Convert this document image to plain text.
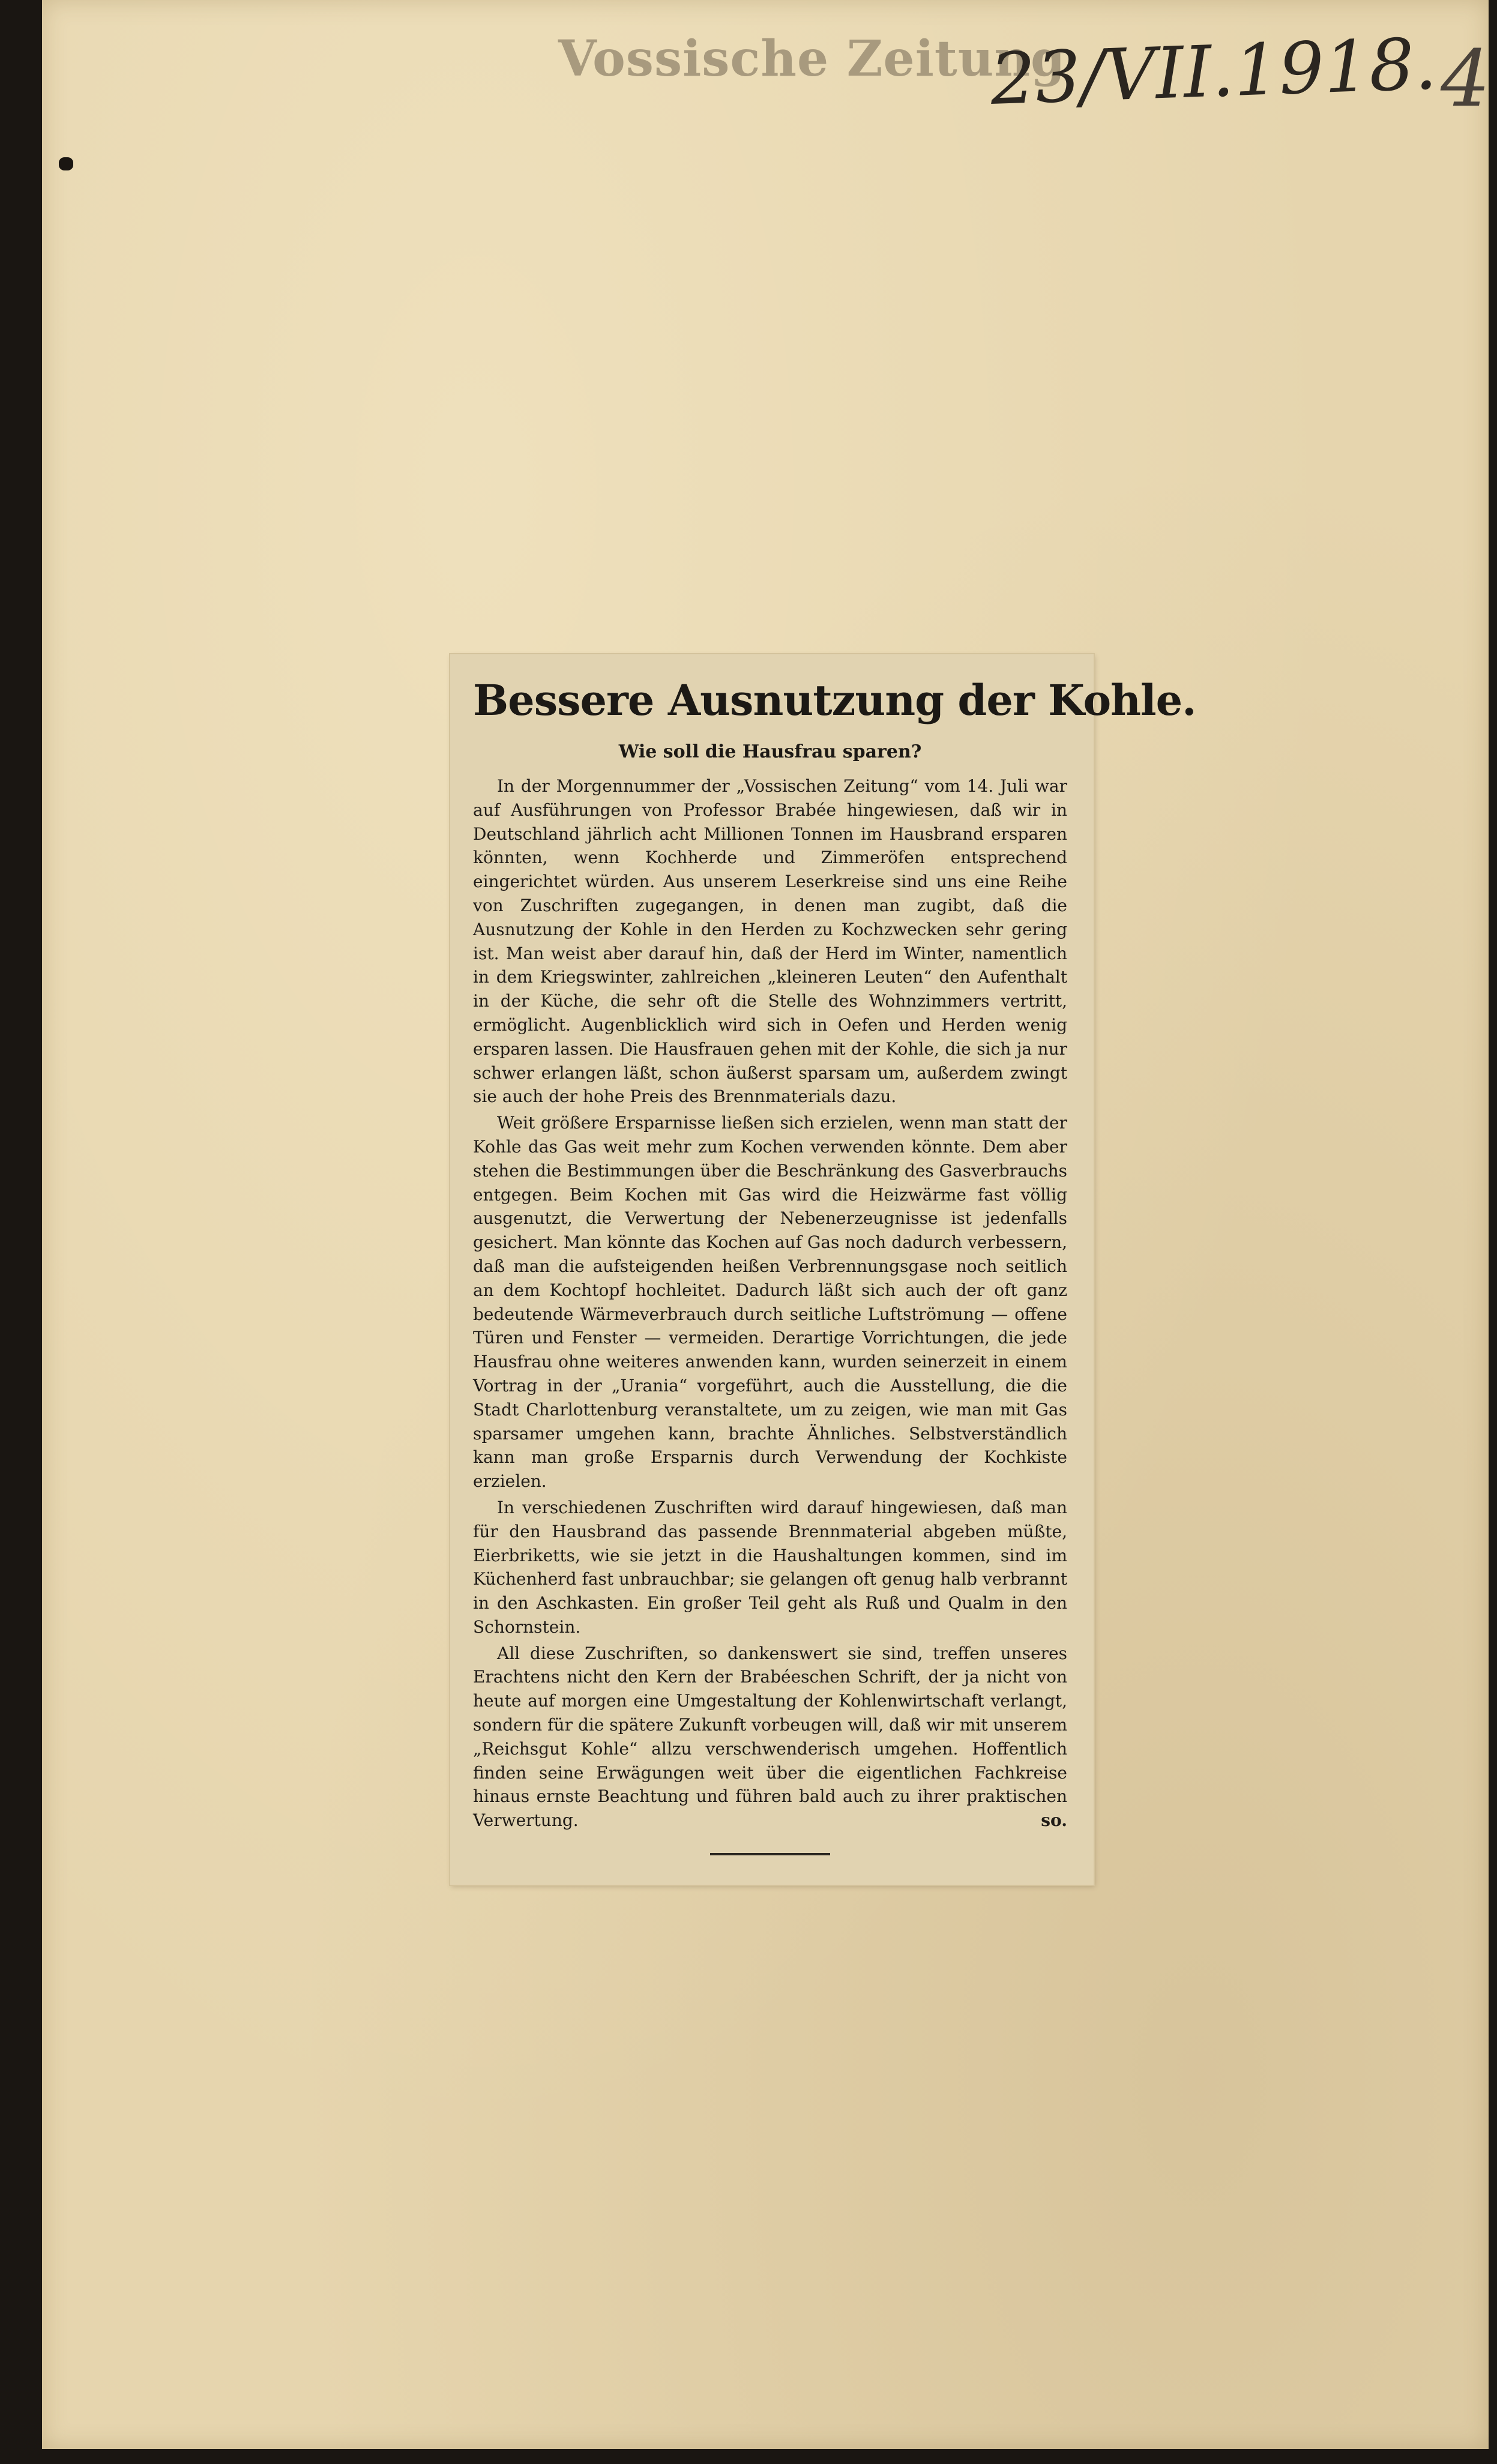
Vossische Zeitung
23/VII.1918. 4
Bessere Ausnutzung der Kohle.
Wie soll die Hausfrau sparen?

In der Morgennummer der „Vossischen Zeitung“ vom 14. Juli war auf Ausführungen von Professor Brabée hingewiesen, daß wir in Deutschland jährlich acht Millionen Tonnen im Hausbrand ersparen könnten, wenn Kochherde und Zimmeröfen entsprechend eingerichtet würden. Aus unserem Leserkreise sind uns eine Reihe von Zuschriften zugegangen, in denen man zugibt, daß die Ausnutzung der Kohle in den Herden zu Kochzwecken sehr gering ist. Man weist aber darauf hin, daß der Herd im Winter, namentlich in dem Kriegswinter, zahlreichen „kleineren Leuten“ den Aufenthalt in der Küche, die sehr oft die Stelle des Wohnzimmers vertritt, ermöglicht. Augenblicklich wird sich in Oefen und Herden wenig ersparen lassen. Die Hausfrauen gehen mit der Kohle, die sich ja nur schwer erlangen läßt, schon äußerst sparsam um, außerdem zwingt sie auch der hohe Preis des Brennmaterials dazu.

Weit größere Ersparnisse ließen sich erzielen, wenn man statt der Kohle das Gas weit mehr zum Kochen verwenden könnte. Dem aber stehen die Bestimmungen über die Beschränkung des Gasverbrauchs entgegen. Beim Kochen mit Gas wird die Heizwärme fast völlig ausgenutzt, die Verwertung der Nebenerzeugnisse ist jedenfalls gesichert. Man könnte das Kochen auf Gas noch dadurch verbessern, daß man die aufsteigenden heißen Verbrennungsgase noch seitlich an dem Kochtopf hochleitet. Dadurch läßt sich auch der oft ganz bedeutende Wärmeverbrauch durch seitliche Luftströmung — offene Türen und Fenster — vermeiden. Derartige Vorrichtungen, die jede Hausfrau ohne weiteres anwenden kann, wurden seinerzeit in einem Vortrag in der „Urania“ vorgeführt, auch die Ausstellung, die die Stadt Charlottenburg veranstaltete, um zu zeigen, wie man mit Gas sparsamer umgehen kann, brachte Ähnliches. Selbstverständlich kann man große Ersparnis durch Verwendung der Kochkiste erzielen.

In verschiedenen Zuschriften wird darauf hingewiesen, daß man für den Hausbrand das passende Brennmaterial abgeben müßte, Eierbriketts, wie sie jetzt in die Haushaltungen kommen, sind im Küchenherd fast unbrauchbar; sie gelangen oft genug halb verbrannt in den Aschkasten. Ein großer Teil geht als Ruß und Qualm in den Schornstein.

All diese Zuschriften, so dankenswert sie sind, treffen unseres Erachtens nicht den Kern der Brabéeschen Schrift, der ja nicht von heute auf morgen eine Umgestaltung der Kohlenwirtschaft verlangt, sondern für die spätere Zukunft vorbeugen will, daß wir mit unserem „Reichsgut Kohle“ allzu verschwenderisch umgehen. Hoffentlich finden seine Erwägungen weit über die eigentlichen Fachkreise hinaus ernste Beachtung und führen bald auch zu ihrer praktischen Verwertung.	so.
